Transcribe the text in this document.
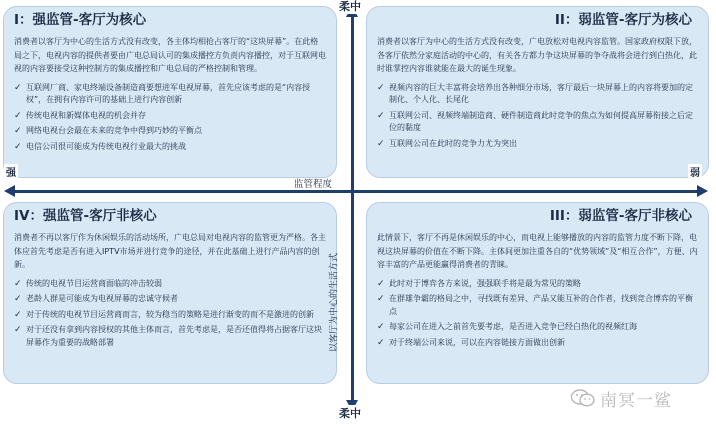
I：强监管-客厅为核心
消费者以客厅为中心的生活方式没有改变，各主体均相抢占客厅的“这块屏幕”。在此格局之下，电视内容的提供者要由广电总局认可的集成播控方负责内容播控，对于互联网电视的内容要接受这种控制方的集成播控和广电总局的严格控制和管理。
✓ 互联网厂商、家电终端设备制造商要想进军电视屏幕，首先应该考虑的是“内容授权”，在拥有内容许可的基础上进行内容创新
✓ 传统电视和新媒体电视的机会并存
✓ 网络电视台会最在未来的竞争中得到巧妙的平衡点
✓ 电信公司很可能成为传统电视行业最大的挑战
II：弱监管-客厅为核心
消费者以客厅为中心的生活方式没有改变，广电放松对电视内容监管。国家政府权限下放，各客厅依然分家庭活动的中心的，有关各方都力争这块屏幕的争夺战将会进行到白热化，此时谁掌控内容谁就能在最大的诞生现象。
✓ 视频内容的巨大丰富将会培养出各种细分市场，客厅最后一块屏幕上的内容将要加的定制化、个人化、长尾化
✓ 互联网公司、视频终端制造商、硬件制造商此时竞争的焦点为如何提高屏幕衔接之后定位的黏度
✓ 互联网公司在此时的竞争力尤为突出
IV：强监管-客厅非核心
消费者不再以客厅作为休闲娱乐的活动场所，广电总局对电视内容的监管更为严格。各主体应首先考虑是否有进入IPTV市场并进行竞争的途径，并在此基础上进行产品内容的创新。
✓ 传统的电视节目运营商面临的冲击较弱
✓ 老龄人群是可能成为电视屏幕的忠诚守候者
✓ 对于传统的电视节目运营商而言，较为稳当的策略是进行渐变的而不是激进的创新
✓ 对于还没有拿到内容授权的其他主体而言，首先考虑是，是否还值得将占据客厅这块屏幕作为重要的战略部署
III：弱监管-客厅非核心
此情景下，客厅不再是休闲娱乐的中心，而电视上能够播放的内容的监管力度不断下降，电视这块屏幕的价值在不断下降。主体间更加注重各自的“优势领域”及“相互合作”，方便、内容丰富的产品更能赢得消费者的青睐。
✓ 此时对于博弈各方来说，强强联手将是最为常见的策略
✓ 在群雄争霸的格局之中，寻找既有差异、产品又能互补的合作者，找到竞合博弈的平衡点
✓ 每家公司在进入之前首先要考虑，是否进入竞争已经白热化的视频红海
✓ 对于终端公司来说，可以在内容链接方面做出创新
柔中
柔中
强	弱
监管程度
以客厅为中心的生活方式
南冥一鲨
